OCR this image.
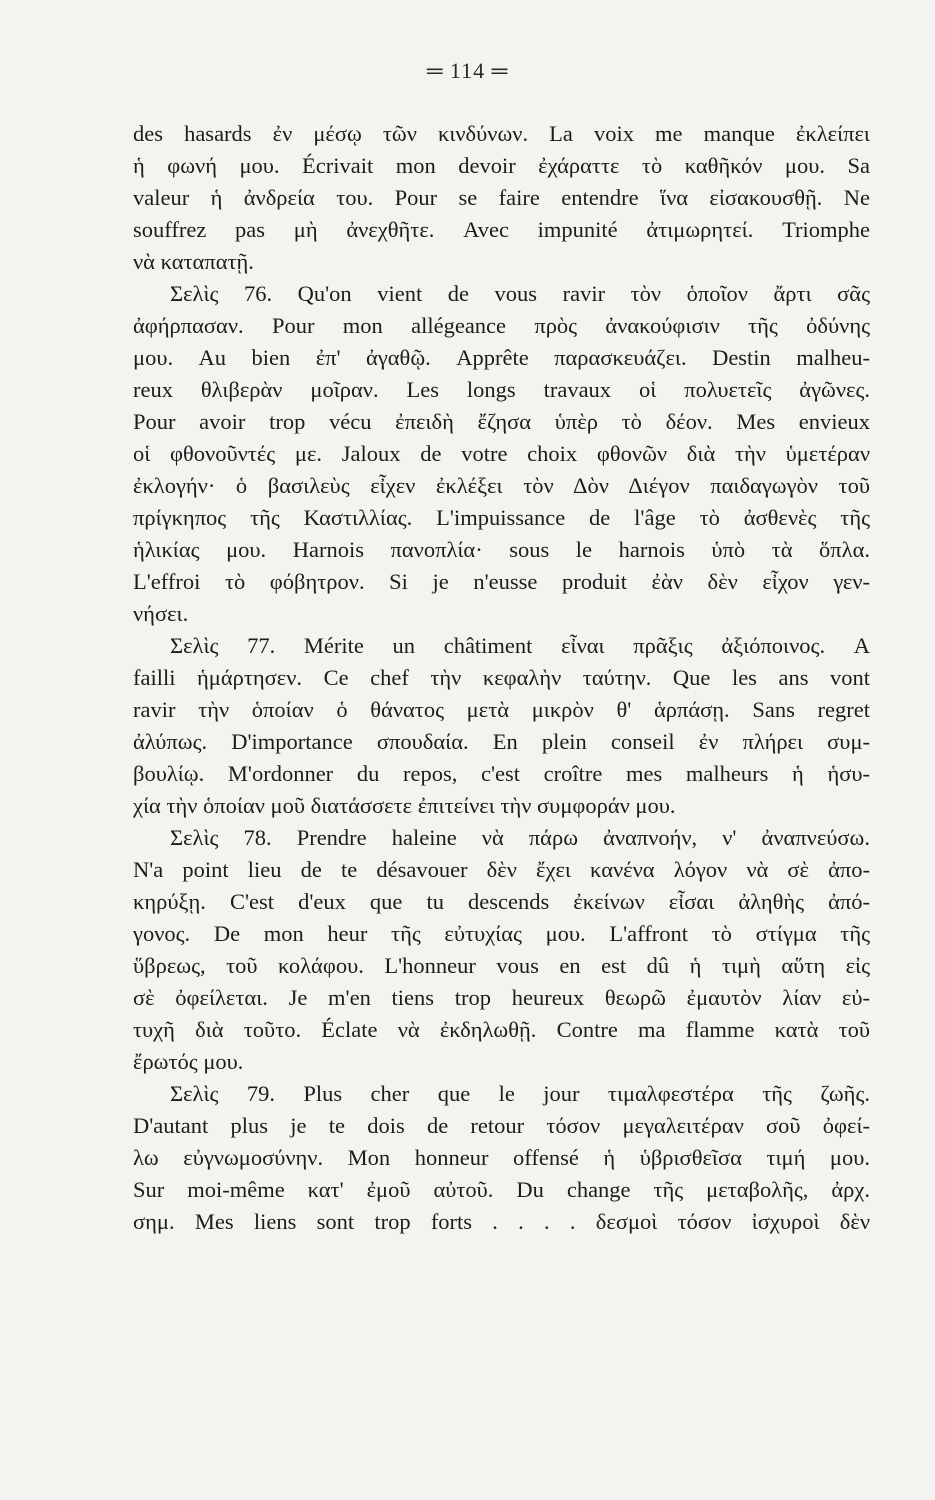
═ 114 ═
des hasards ἐν μέσῳ τῶν κινδύνων. La voix me manque ἐκλείπει
ἡ φωνή μου. Écrivait mon devoir ἐχάραττε τὸ καθῆκόν μου. Sa
valeur ἡ ἀνδρεία του. Pour se faire entendre ἵνα εἰσακουσθῇ. Ne
souffrez pas μὴ ἀνεχθῆτε. Avec impunité ἀτιμωρητεί. Triomphe
νὰ καταπατῇ.
Σελὶς 76. Qu'on vient de vous ravir τὸν ὁποῖον ἄρτι σᾶς
ἀφήρπασαν. Pour mon allégeance πρὸς ἀνακούφισιν τῆς ὀδύνης
μου. Au bien ἐπ' ἀγαθῷ. Apprête παρασκευάζει. Destin malheu-
reux θλιβερὰν μοῖραν. Les longs travaux οἱ πολυετεῖς ἀγῶνες.
Pour avoir trop vécu ἐπειδὴ ἔζησα ὑπὲρ τὸ δέον. Mes envieux
οἱ φθονοῦντές με. Jaloux de votre choix φθονῶν διὰ τὴν ὑμετέραν
ἐκλογήν· ὁ βασιλεὺς εἶχεν ἐκλέξει τὸν Δὸν Διέγον παιδαγωγὸν τοῦ
πρίγκηπος τῆς Καστιλλίας. L'impuissance de l'âge τὸ ἀσθενὲς τῆς
ἡλικίας μου. Harnois πανοπλία· sous le harnois ὑπὸ τὰ ὅπλα.
L'effroi τὸ φόβητρον. Si je n'eusse produit ἐὰν δὲν εἶχον γεν-
νήσει.
Σελὶς 77. Mérite un châtiment εἶναι πρᾶξις ἀξιόποινος. A
failli ἡμάρτησεν. Ce chef τὴν κεφαλὴν ταύτην. Que les ans vont
ravir τὴν ὁποίαν ὁ θάνατος μετὰ μικρὸν θ' ἁρπάσῃ. Sans regret
ἀλύπως. D'importance σπουδαία. En plein conseil ἐν πλήρει συμ-
βουλίῳ. M'ordonner du repos, c'est croître mes malheurs ἡ ἡσυ-
χία τὴν ὁποίαν μοῦ διατάσσετε ἐπιτείνει τὴν συμφοράν μου.
Σελὶς 78. Prendre haleine νὰ πάρω ἀναπνοήν, ν' ἀναπνεύσω.
N'a point lieu de te désavouer δὲν ἔχει κανένα λόγον νὰ σὲ ἀπο-
κηρύξῃ. C'est d'eux que tu descends ἐκείνων εἶσαι ἀληθὴς ἀπό-
γονος. De mon heur τῆς εὐτυχίας μου. L'affront τὸ στίγμα τῆς
ὕβρεως, τοῦ κολάφου. L'honneur vous en est dû ἡ τιμὴ αὕτη εἰς
σὲ ὀφείλεται. Je m'en tiens trop heureux θεωρῶ ἐμαυτὸν λίαν εὐ-
τυχῆ διὰ τοῦτο. Éclate νὰ ἐκδηλωθῇ. Contre ma flamme κατὰ τοῦ
ἔρωτός μου.
Σελὶς 79. Plus cher que le jour τιμαλφεστέρα τῆς ζωῆς.
D'autant plus je te dois de retour τόσον μεγαλειτέραν σοῦ ὀφεί-
λω εὐγνωμοσύνην. Mon honneur offensé ἡ ὑβρισθεῖσα τιμή μου.
Sur moi-même κατ' ἐμοῦ αὐτοῦ. Du change τῆς μεταβολῆς, ἀρχ.
σημ. Mes liens sont trop forts . . . . δεσμοὶ τόσον ἰσχυροὶ δὲν
